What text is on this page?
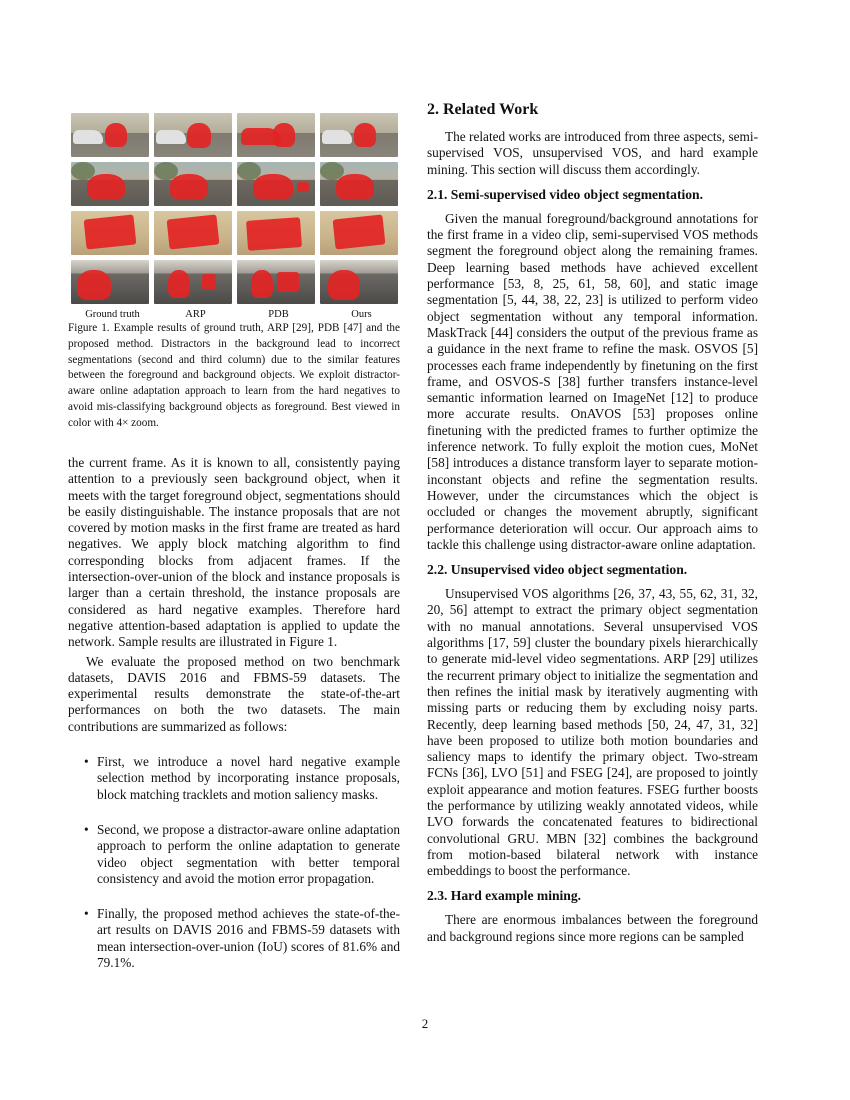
Ground truth	ARP	PDB	Ours

Figure 1. Example results of ground truth, ARP [29], PDB [47] and the proposed method. Distractors in the background lead to incorrect segmentations (second and third column) due to the similar features between the foreground and background objects. We exploit distractor-aware online adaptation approach to learn from the hard negatives to avoid mis-classifying background objects as foreground. Best viewed in color with 4× zoom.

the current frame. As it is known to all, consistently paying attention to a previously seen background object, when it meets with the target foreground object, segmentations should be easily distinguishable. The instance proposals that are not covered by motion masks in the first frame are treated as hard negatives. We apply block matching algorithm to find corresponding blocks from adjacent frames. If the intersection-over-union of the block and instance proposals is larger than a certain threshold, the instance proposals are considered as hard negative examples. Therefore hard negative attention-based adaptation is applied to update the network. Sample results are illustrated in Figure 1.

We evaluate the proposed method on two benchmark datasets, DAVIS 2016 and FBMS-59 datasets. The experimental results demonstrate the state-of-the-art performances on both the two datasets. The main contributions are summarized as follows:

• First, we introduce a novel hard negative example selection method by incorporating instance proposals, block matching tracklets and motion saliency masks.
• Second, we propose a distractor-aware online adaptation approach to perform the online adaptation to generate video object segmentation with better temporal consistency and avoid the motion error propagation.
• Finally, the proposed method achieves the state-of-the-art results on DAVIS 2016 and FBMS-59 datasets with mean intersection-over-union (IoU) scores of 81.6% and 79.1%.
2. Related Work

The related works are introduced from three aspects, semi-supervised VOS, unsupervised VOS, and hard example mining. This section will discuss them accordingly.

2.1. Semi-supervised video object segmentation.

Given the manual foreground/background annotations for the first frame in a video clip, semi-supervised VOS methods segment the foreground object along the remaining frames. Deep learning based methods have achieved excellent performance [53, 8, 25, 61, 58, 60], and static image segmentation [5, 44, 38, 22, 23] is utilized to perform video object segmentation without any temporal information. MaskTrack [44] considers the output of the previous frame as a guidance in the next frame to refine the mask. OSVOS [5] processes each frame independently by finetuning on the first frame, and OSVOS-S [38] further transfers instance-level semantic information learned on ImageNet [12] to produce more accurate results. OnAVOS [53] proposes online finetuning with the predicted frames to further optimize the inference network. To fully exploit the motion cues, MoNet [58] introduces a distance transform layer to separate motion-inconstant objects and refine the segmentation results. However, under the circumstances which the object is occluded or changes the movement abruptly, significant performance deterioration will occur. Our approach aims to tackle this challenge using distractor-aware online adaptation.

2.2. Unsupervised video object segmentation.

Unsupervised VOS algorithms [26, 37, 43, 55, 62, 31, 32, 20, 56] attempt to extract the primary object segmentation with no manual annotations. Several unsupervised VOS algorithms [17, 59] cluster the boundary pixels hierarchically to generate mid-level video segmentations. ARP [29] utilizes the recurrent primary object to initialize the segmentation and then refines the initial mask by iteratively augmenting with missing parts or reducing them by excluding noisy parts. Recently, deep learning based methods [50, 24, 47, 31, 32] have been proposed to utilize both motion boundaries and saliency maps to identify the primary object. Two-stream FCNs [36], LVO [51] and FSEG [24], are proposed to jointly exploit appearance and motion features. FSEG further boosts the performance by utilizing weakly annotated videos, while LVO forwards the concatenated features to bidirectional convolutional GRU. MBN [32] combines the background from motion-based bilateral network with instance embeddings to boost the performance.

2.3. Hard example mining.

There are enormous imbalances between the foreground and background regions since more regions can be sampled

2
